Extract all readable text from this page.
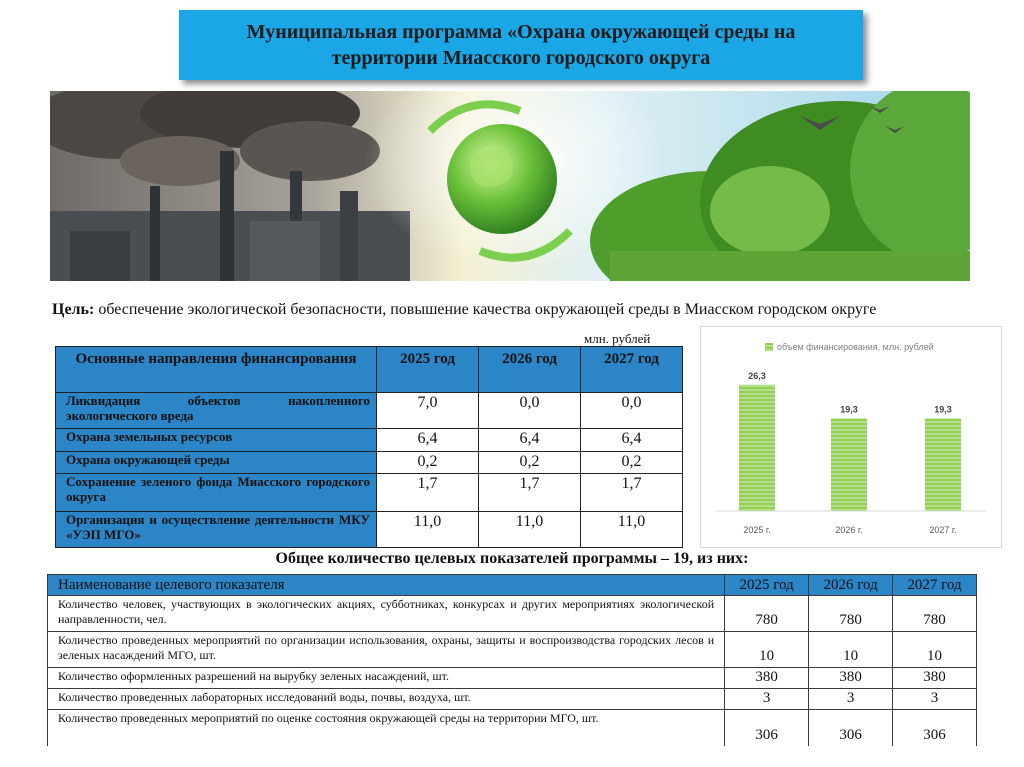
Муниципальная программа «Охрана окружающей среды на территории Миасского городского округа
Цель: обеспечение экологической безопасности, повышение качества окружающей среды в Миасском городском округе
млн. рублей
Основные направления финансирования	2025 год	2026 год	2027 год
Ликвидация объектов накопленного экологического вреда	7,0	0,0	0,0
Охрана земельных ресурсов	6,4	6,4	6,4
Охрана окружающей среды	0,2	0,2	0,2
Сохранение зеленого фонда Миасского городского округа	1,7	1,7	1,7
Организация и осуществление деятельности МКУ «УЭП МГО»	11,0	11,0	11,0
объем финансирования, млн. рублей
26,3
2025 г.
19,3
2026 г.
19,3
2027 г.
Общее количество целевых показателей программы – 19, из них:
Наименование целевого показателя	2025 год	2026 год	2027 год
Количество человек, участвующих в экологических акциях, субботниках, конкурсах и других мероприятиях экологической направленности, чел.	780	780	780
Количество проведенных мероприятий по организации использования, охраны, защиты и воспроизводства городских лесов и зеленых насаждений МГО, шт.	10	10	10
Количество оформленных разрешений на вырубку зеленых насаждений, шт.	380	380	380
Количество проведенных лабораторных исследований воды, почвы, воздуха, шт.	3	3	3
Количество проведенных мероприятий по оценке состояния окружающей среды на территории МГО, шт.	306	306	306
